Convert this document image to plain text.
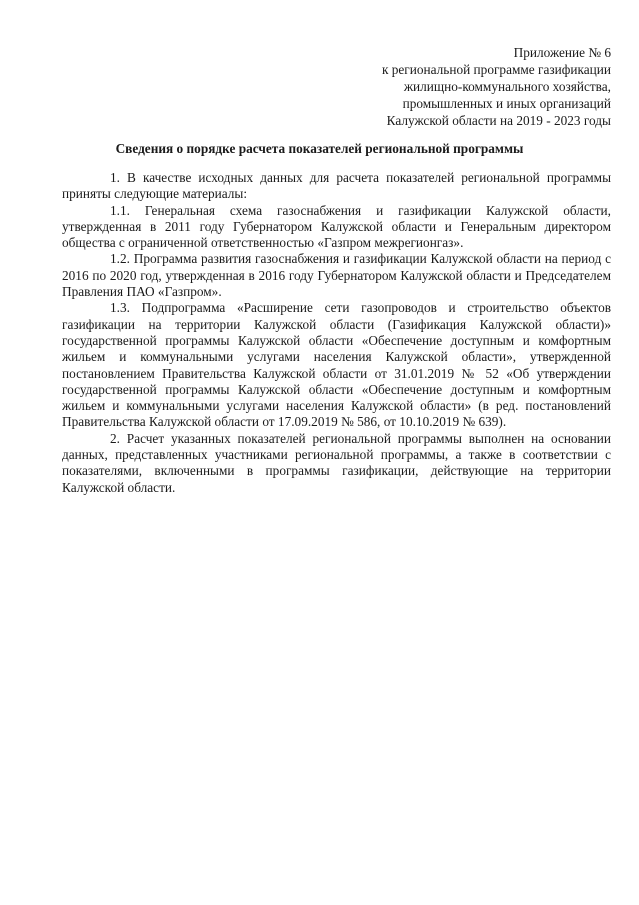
Приложение № 6
к региональной программе газификации
жилищно-коммунального хозяйства,
промышленных и иных организаций
Калужской области на 2019 - 2023 годы
Сведения о порядке расчета показателей региональной программы

1. В качестве исходных данных для расчета показателей региональной программы приняты следующие материалы:

1.1. Генеральная схема газоснабжения и газификации Калужской области, утвержденная в 2011 году Губернатором Калужской области и Генеральным директором общества с ограниченной ответственностью «Газпром межрегионгаз».

1.2. Программа развития газоснабжения и газификации Калужской области на период с 2016 по 2020 год, утвержденная в 2016 году Губернатором Калужской области и Председателем Правления ПАО «Газпром».

1.3. Подпрограмма «Расширение сети газопроводов и строительство объектов газификации на территории Калужской области (Газификация Калужской области)» государственной программы Калужской области «Обеспечение доступным и комфортным жильем и коммунальными услугами населения Калужской области», утвержденной постановлением Правительства Калужской области от 31.01.2019 № 52 «Об утверждении государственной программы Калужской области «Обеспечение доступным и комфортным жильем и коммунальными услугами населения Калужской области» (в ред. постановлений Правительства Калужской области от 17.09.2019 № 586, от 10.10.2019 № 639).

2. Расчет указанных показателей региональной программы выполнен на основании данных, представленных участниками региональной программы, а также в соответствии с показателями, включенными в программы газификации, действующие на территории Калужской области.
